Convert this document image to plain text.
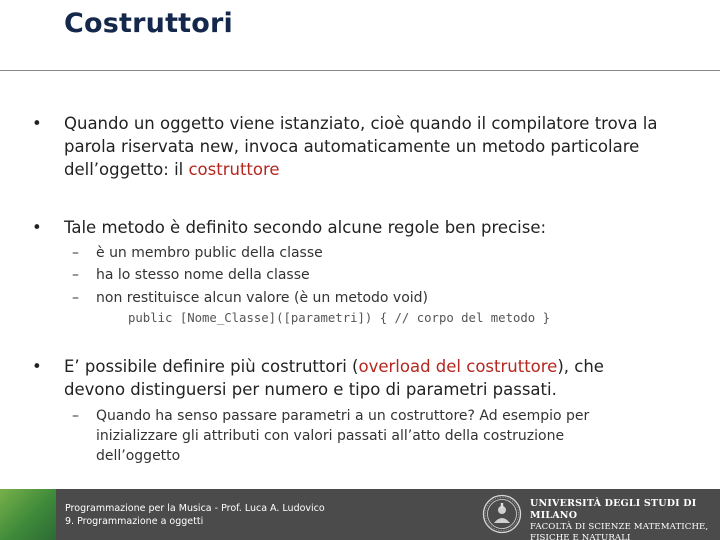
Costruttori
• Quando un oggetto viene istanziato, cioè quando il compilatore trova la parola riservata new, invoca automaticamente un metodo particolare dell’oggetto: il costruttore
• Tale metodo è definito secondo alcune regole ben precise:
– è un membro public della classe
– ha lo stesso nome della classe
– non restituisce alcun valore (è un metodo void)
public [Nome_Classe]([parametri]) { // corpo del metodo }
• E’ possibile definire più costruttori (overload del costruttore), che devono distinguersi per numero e tipo di parametri passati.
– Quando ha senso passare parametri a un costruttore? Ad esempio per inizializzare gli attributi con valori passati all’atto della costruzione dell’oggetto
Programmazione per la Musica - Prof. Luca A. Ludovico
9. Programmazione a oggetti
UNIVERSITÀ DEGLI STUDI DI MILANO
FACOLTÀ DI SCIENZE MATEMATICHE,
FISICHE E NATURALI
